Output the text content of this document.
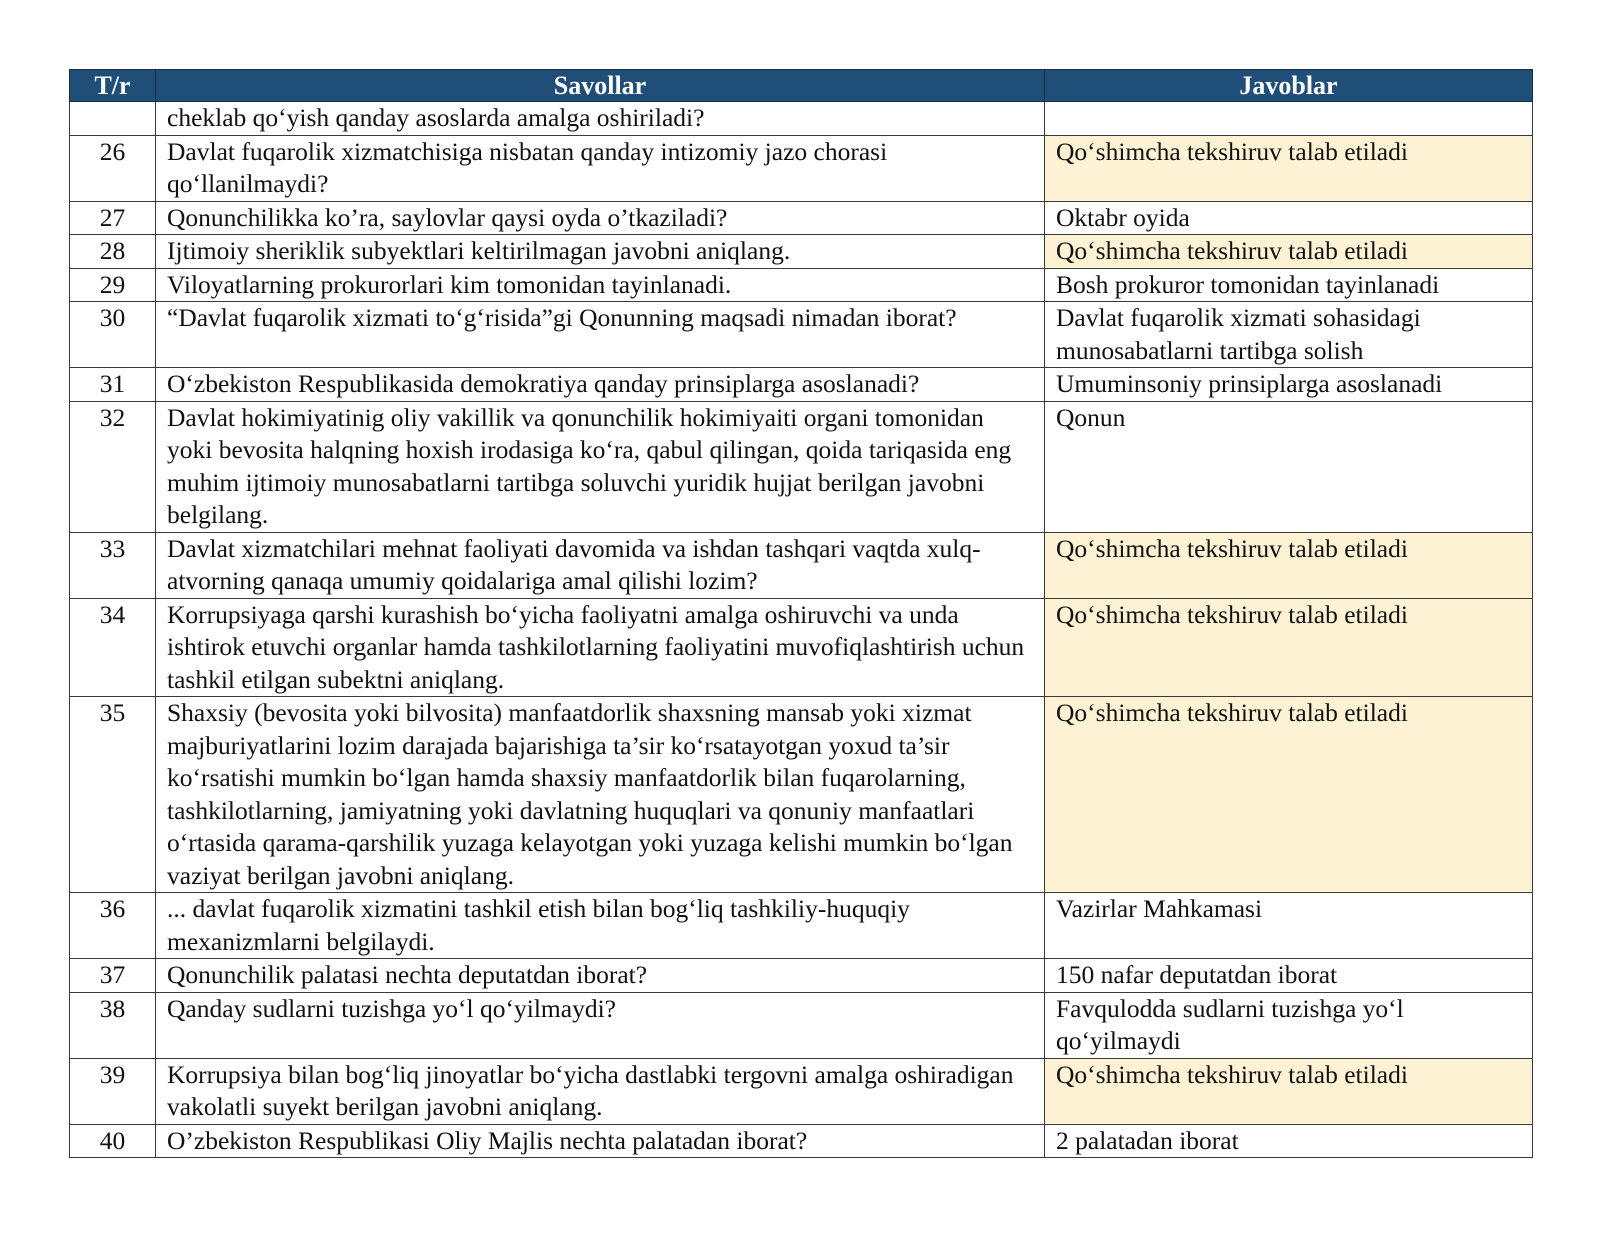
T/r	Savollar	Javoblar
	cheklab qo‘yish qanday asoslarda amalga oshiriladi?	
26	Davlat fuqarolik xizmatchisiga nisbatan qanday intizomiy jazo chorasi qo‘llanilmaydi?	Qo‘shimcha tekshiruv talab etiladi
27	Qonunchilikka ko’ra, saylovlar qaysi oyda o’tkaziladi?	Oktabr oyida
28	Ijtimoiy sheriklik subyektlari keltirilmagan javobni aniqlang.	Qo‘shimcha tekshiruv talab etiladi
29	Viloyatlarning prokurorlari kim tomonidan tayinlanadi.	Bosh prokuror tomonidan tayinlanadi
30	“Davlat fuqarolik xizmati to‘g‘risida”gi Qonunning maqsadi nimadan iborat?	Davlat fuqarolik xizmati sohasidagi munosabatlarni tartibga solish
31	O‘zbekiston Respublikasida demokratiya qanday prinsiplarga asoslanadi?	Umuminsoniy prinsiplarga asoslanadi
32	Davlat hokimiyatinig oliy vakillik va qonunchilik hokimiyaiti organi tomonidan yoki bevosita halqning hoxish irodasiga ko‘ra, qabul qilingan, qoida tariqasida eng muhim ijtimoiy munosabatlarni tartibga soluvchi yuridik hujjat berilgan javobni belgilang.	Qonun
33	Davlat xizmatchilari mehnat faoliyati davomida va ishdan tashqari vaqtda xulq-atvorning qanaqa umumiy qoidalariga amal qilishi lozim?	Qo‘shimcha tekshiruv talab etiladi
34	Korrupsiyaga qarshi kurashish bo‘yicha faoliyatni amalga oshiruvchi va unda ishtirok etuvchi organlar hamda tashkilotlarning faoliyatini muvofiqlashtirish uchun tashkil etilgan subektni aniqlang.	Qo‘shimcha tekshiruv talab etiladi
35	Shaxsiy (bevosita yoki bilvosita) manfaatdorlik shaxsning mansab yoki xizmat majburiyatlarini lozim darajada bajarishiga ta’sir ko‘rsatayotgan yoxud ta’sir ko‘rsatishi mumkin bo‘lgan hamda shaxsiy manfaatdorlik bilan fuqarolarning, tashkilotlarning, jamiyatning yoki davlatning huquqlari va qonuniy manfaatlari o‘rtasida qarama-qarshilik yuzaga kelayotgan yoki yuzaga kelishi mumkin bo‘lgan vaziyat berilgan javobni aniqlang.	Qo‘shimcha tekshiruv talab etiladi
36	... davlat fuqarolik xizmatini tashkil etish bilan bog‘liq tashkiliy-huquqiy mexanizmlarni belgilaydi.	Vazirlar Mahkamasi
37	Qonunchilik palatasi nechta deputatdan iborat?	150 nafar deputatdan iborat
38	Qanday sudlarni tuzishga yo‘l qo‘yilmaydi?	Favqulodda sudlarni tuzishga yo‘l qo‘yilmaydi
39	Korrupsiya bilan bog‘liq jinoyatlar bo‘yicha dastlabki tergovni amalga oshiradigan vakolatli suyekt berilgan javobni aniqlang.	Qo‘shimcha tekshiruv talab etiladi
40	O’zbekiston Respublikasi Oliy Majlis nechta palatadan iborat?	2 palatadan iborat
